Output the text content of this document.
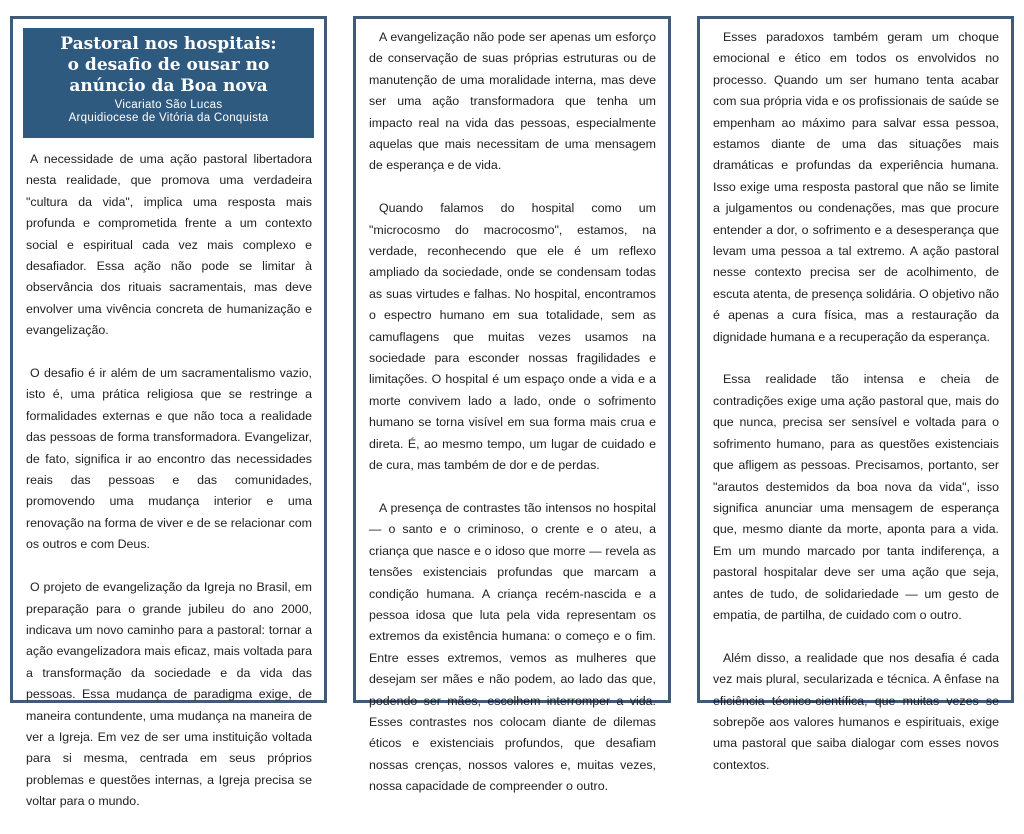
Pastoral nos hospitais:
o desafio de ousar no
anúncio da Boa nova
Vicariato São Lucas
Arquidiocese de Vitória da Conquista

A necessidade de uma ação pastoral libertadora nesta realidade, que promova uma verdadeira "cultura da vida", implica uma resposta mais profunda e comprometida frente a um contexto social e espiritual cada vez mais complexo e desafiador. Essa ação não pode se limitar à observância dos rituais sacramentais, mas deve envolver uma vivência concreta de humanização e evangelização.

O desafio é ir além de um sacramentalismo vazio, isto é, uma prática religiosa que se restringe a formalidades externas e que não toca a realidade das pessoas de forma transformadora. Evangelizar, de fato, significa ir ao encontro das necessidades reais das pessoas e das comunidades, promovendo uma mudança interior e uma renovação na forma de viver e de se relacionar com os outros e com Deus.

O projeto de evangelização da Igreja no Brasil, em preparação para o grande jubileu do ano 2000, indicava um novo caminho para a pastoral: tornar a ação evangelizadora mais eficaz, mais voltada para a transformação da sociedade e da vida das pessoas. Essa mudança de paradigma exige, de maneira contundente, uma mudança na maneira de ver a Igreja. Em vez de ser uma instituição voltada para si mesma, centrada em seus próprios problemas e questões internas, a Igreja precisa se voltar para o mundo.

A evangelização não pode ser apenas um esforço de conservação de suas próprias estruturas ou de manutenção de uma moralidade interna, mas deve ser uma ação transformadora que tenha um impacto real na vida das pessoas, especialmente aquelas que mais necessitam de uma mensagem de esperança e de vida.

Quando falamos do hospital como um "microcosmo do macrocosmo", estamos, na verdade, reconhecendo que ele é um reflexo ampliado da sociedade, onde se condensam todas as suas virtudes e falhas. No hospital, encontramos o espectro humano em sua totalidade, sem as camuflagens que muitas vezes usamos na sociedade para esconder nossas fragilidades e limitações. O hospital é um espaço onde a vida e a morte convivem lado a lado, onde o sofrimento humano se torna visível em sua forma mais crua e direta. É, ao mesmo tempo, um lugar de cuidado e de cura, mas também de dor e de perdas.

A presença de contrastes tão intensos no hospital — o santo e o criminoso, o crente e o ateu, a criança que nasce e o idoso que morre — revela as tensões existenciais profundas que marcam a condição humana. A criança recém-nascida e a pessoa idosa que luta pela vida representam os extremos da existência humana: o começo e o fim. Entre esses extremos, vemos as mulheres que desejam ser mães e não podem, ao lado das que, podendo ser mães, escolhem interromper a vida. Esses contrastes nos colocam diante de dilemas éticos e existenciais profundos, que desafiam nossas crenças, nossos valores e, muitas vezes, nossa capacidade de compreender o outro.

Esses paradoxos também geram um choque emocional e ético em todos os envolvidos no processo. Quando um ser humano tenta acabar com sua própria vida e os profissionais de saúde se empenham ao máximo para salvar essa pessoa, estamos diante de uma das situações mais dramáticas e profundas da experiência humana. Isso exige uma resposta pastoral que não se limite a julgamentos ou condenações, mas que procure entender a dor, o sofrimento e a desesperança que levam uma pessoa a tal extremo. A ação pastoral nesse contexto precisa ser de acolhimento, de escuta atenta, de presença solidária. O objetivo não é apenas a cura física, mas a restauração da dignidade humana e a recuperação da esperança.

Essa realidade tão intensa e cheia de contradições exige uma ação pastoral que, mais do que nunca, precisa ser sensível e voltada para o sofrimento humano, para as questões existenciais que afligem as pessoas. Precisamos, portanto, ser "arautos destemidos da boa nova da vida", isso significa anunciar uma mensagem de esperança que, mesmo diante da morte, aponta para a vida. Em um mundo marcado por tanta indiferença, a pastoral hospitalar deve ser uma ação que seja, antes de tudo, de solidariedade — um gesto de empatia, de partilha, de cuidado com o outro.

Além disso, a realidade que nos desafia é cada vez mais plural, secularizada e técnica. A ênfase na eficiência técnico-científica, que muitas vezes se sobrepõe aos valores humanos e espirituais, exige uma pastoral que saiba dialogar com esses novos contextos.
